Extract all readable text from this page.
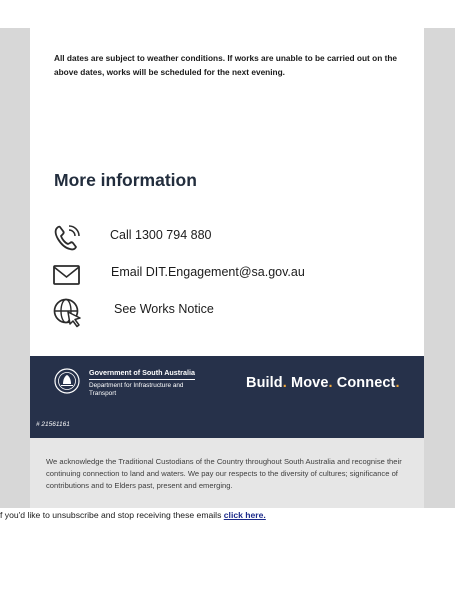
All dates are subject to weather conditions. If works are unable to be carried out on the above dates, works will be scheduled for the next evening.
More information
Call 1300 794 880
Email DIT.Engagement@sa.gov.au
See Works Notice
Government of South Australia
Department for Infrastructure and Transport
Build. Move. Connect.
# 21561161
We acknowledge the Traditional Custodians of the Country throughout South Australia and recognise their continuing connection to land and waters. We pay our respects to the diversity of cultures; significance of contributions and to Elders past, present and emerging.
f you'd like to unsubscribe and stop receiving these emails click here.
